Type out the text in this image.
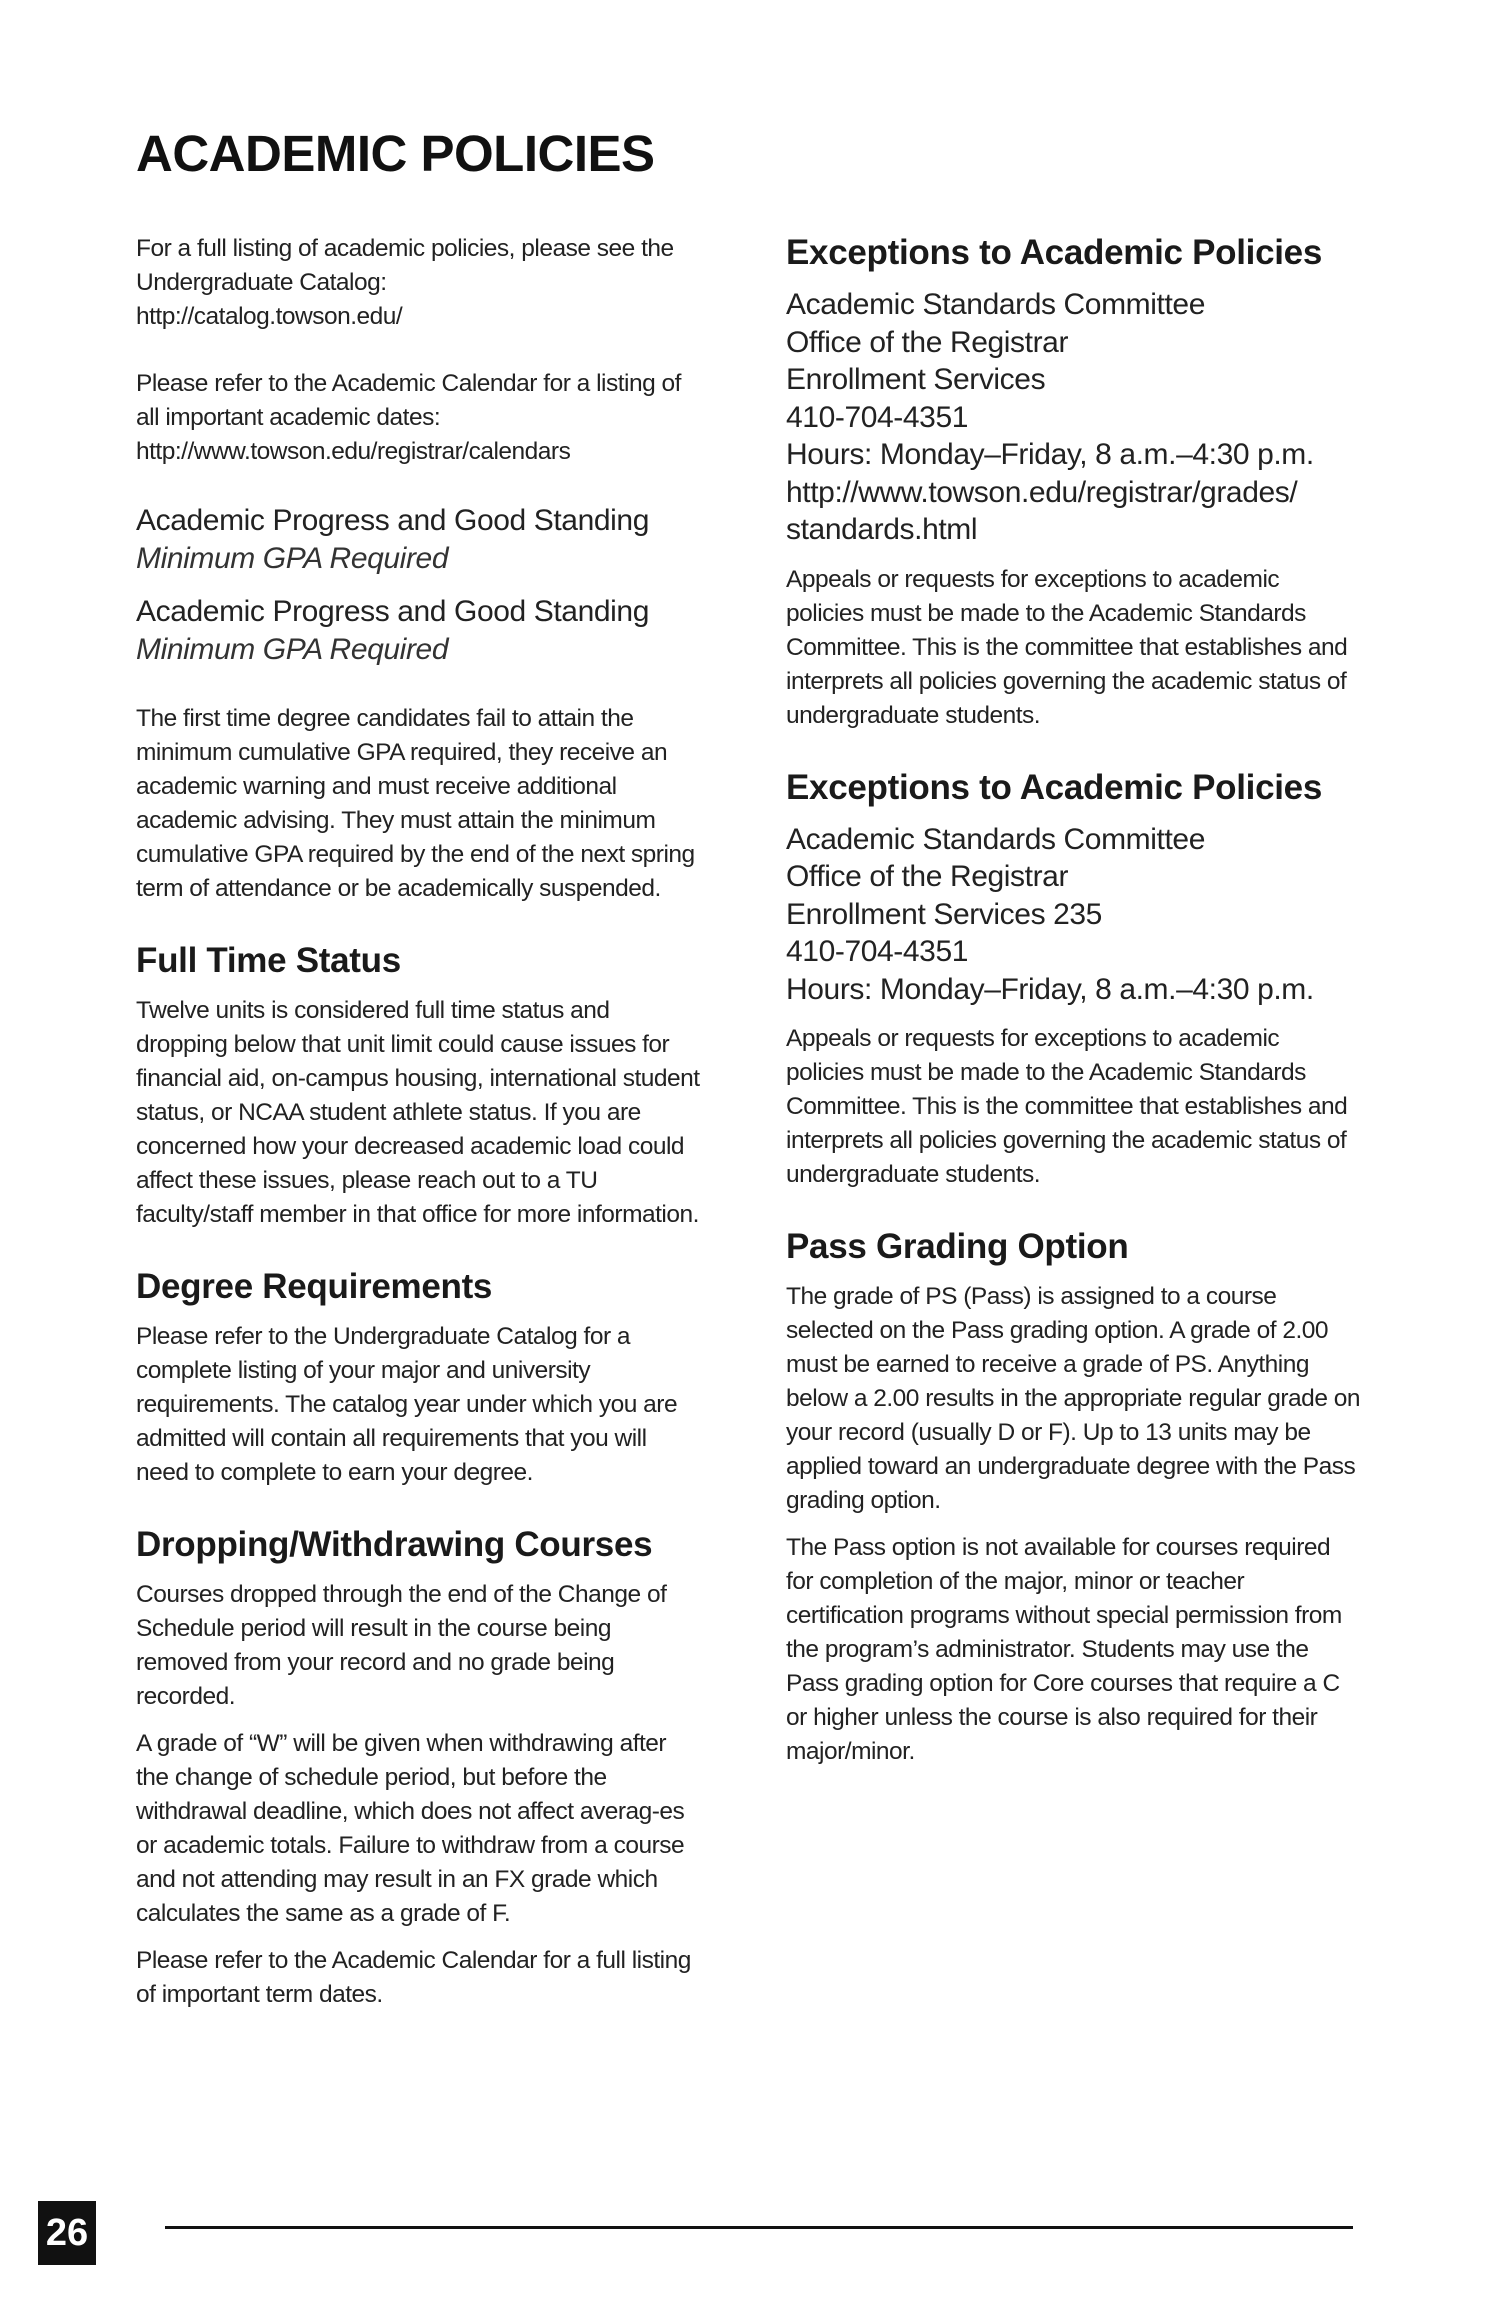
ACADEMIC POLICIES

For a full listing of academic policies, please see the Undergraduate Catalog:
http://catalog.towson.edu/

Please refer to the Academic Calendar for a listing of all important academic dates:
http://www.towson.edu/registrar/calendars

Academic Progress and Good Standing
Minimum GPA Required
Academic Progress and Good Standing
Minimum GPA Required

The first time degree candidates fail to attain the minimum cumulative GPA required, they receive an academic warning and must receive additional academic advising. They must attain the minimum cumulative GPA required by the end of the next spring term of attendance or be academically suspended.

Full Time Status

Twelve units is considered full time status and dropping below that unit limit could cause issues for financial aid, on-campus housing, international student status, or NCAA student athlete status. If you are concerned how your decreased academic load could affect these issues, please reach out to a TU faculty/staff member in that office for more information.

Degree Requirements

Please refer to the Undergraduate Catalog for a complete listing of your major and university requirements. The catalog year under which you are admitted will contain all requirements that you will need to complete to earn your degree.

Dropping/Withdrawing Courses

Courses dropped through the end of the Change of Schedule period will result in the course being removed from your record and no grade being recorded.

A grade of “W” will be given when withdrawing after the change of schedule period, but before the withdrawal deadline, which does not affect averag-es or academic totals. Failure to withdraw from a course and not attending may result in an FX grade which calculates the same as a grade of F.

Please refer to the Academic Calendar for a full listing of important term dates.

Exceptions to Academic Policies
Academic Standards Committee
Office of the Registrar
Enrollment Services
410-704-4351
Hours: Monday–Friday, 8 a.m.–4:30 p.m.
http://www.towson.edu/registrar/grades/
standards.html

Appeals or requests for exceptions to academic policies must be made to the Academic Standards Committee. This is the committee that establishes and interprets all policies governing the academic status of undergraduate students.

Exceptions to Academic Policies
Academic Standards Committee
Office of the Registrar
Enrollment Services 235
410-704-4351
Hours: Monday–Friday, 8 a.m.–4:30 p.m.

Appeals or requests for exceptions to academic policies must be made to the Academic Standards Committee. This is the committee that establishes and interprets all policies governing the academic status of undergraduate students.

Pass Grading Option

The grade of PS (Pass) is assigned to a course selected on the Pass grading option. A grade of 2.00 must be earned to receive a grade of PS. Anything below a 2.00 results in the appropriate regular grade on your record (usually D or F). Up to 13 units may be applied toward an undergraduate degree with the Pass grading option.

The Pass option is not available for courses required for completion of the major, minor or teacher certification programs without special permission from the program’s administrator. Students may use the Pass grading option for Core courses that require a C or higher unless the course is also required for their major/minor.

26
